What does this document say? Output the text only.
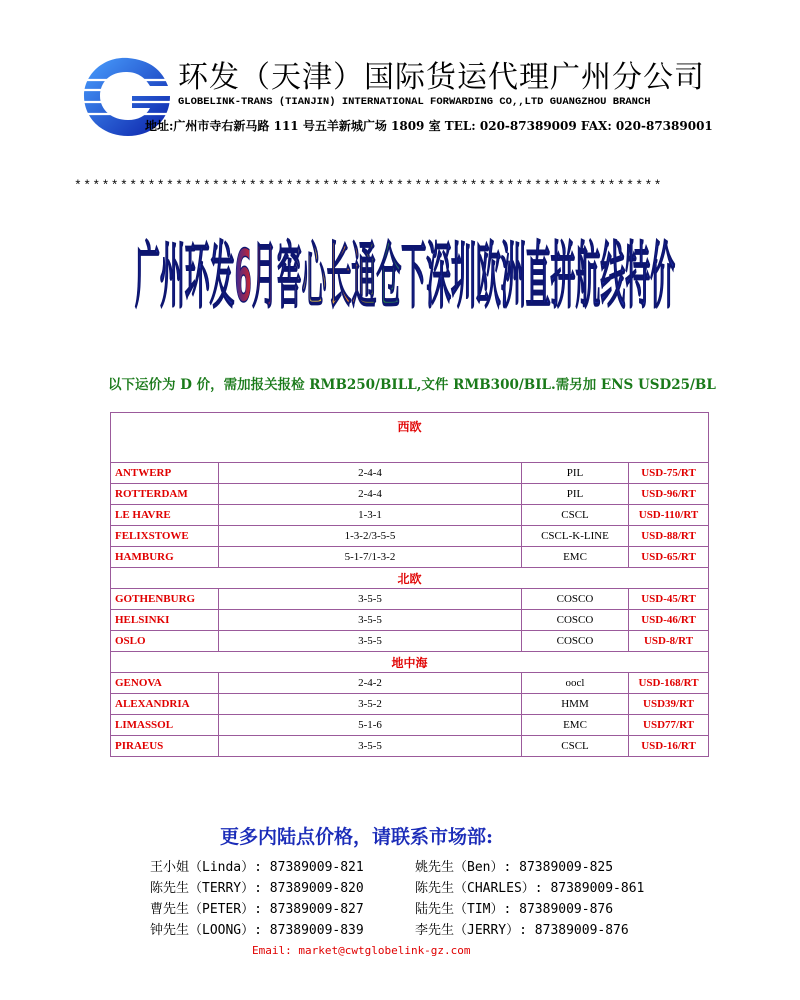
环发（天津）国际货运代理广州分公司
GLOBELINK-TRANS (TIANJIN) INTERNATIONAL FORWARDING CO,,LTD GUANGZHOU BRANCH
地址:广州市寺右新马路 111 号五羊新城广场 1809 室 TEL: 020-87389009 FAX: 020-87389001
****************************************************************
广州环发6月窖心长通仓下深圳欧洲直拼航线特价
以下运价为 D 价，需加报关报检 RMB250/BILL,文件 RMB300/BIL.需另加 ENS USD25/BL
西欧			
ANTWERP	2-4-4	PIL	USD-75/RT
ROTTERDAM	2-4-4	PIL	USD-96/RT
LE HAVRE	1-3-1	CSCL	USD-110/RT
FELIXSTOWE	1-3-2/3-5-5	CSCL-K-LINE	USD-88/RT
HAMBURG	5-1-7/1-3-2	EMC	USD-65/RT
北欧			
GOTHENBURG	3-5-5	COSCO	USD-45/RT
HELSINKI	3-5-5	COSCO	USD-46/RT
OSLO	3-5-5	COSCO	USD-8/RT
地中海			
GENOVA	2-4-2	oocl	USD-168/RT
ALEXANDRIA	3-5-2	HMM	USD39/RT
LIMASSOL	5-1-6	EMC	USD77/RT
PIRAEUS	3-5-5	CSCL	USD-16/RT
更多内陆点价格，请联系市场部:
王小姐（Linda）: 87389009-821	姚先生（Ben）: 87389009-825
陈先生（TERRY）: 87389009-820	陈先生（CHARLES）: 87389009-861
曹先生（PETER）: 87389009-827	陆先生（TIM）: 87389009-876
钟先生（LOONG）: 87389009-839	李先生（JERRY）: 87389009-876
Email: market@cwtglobelink-gz.com
